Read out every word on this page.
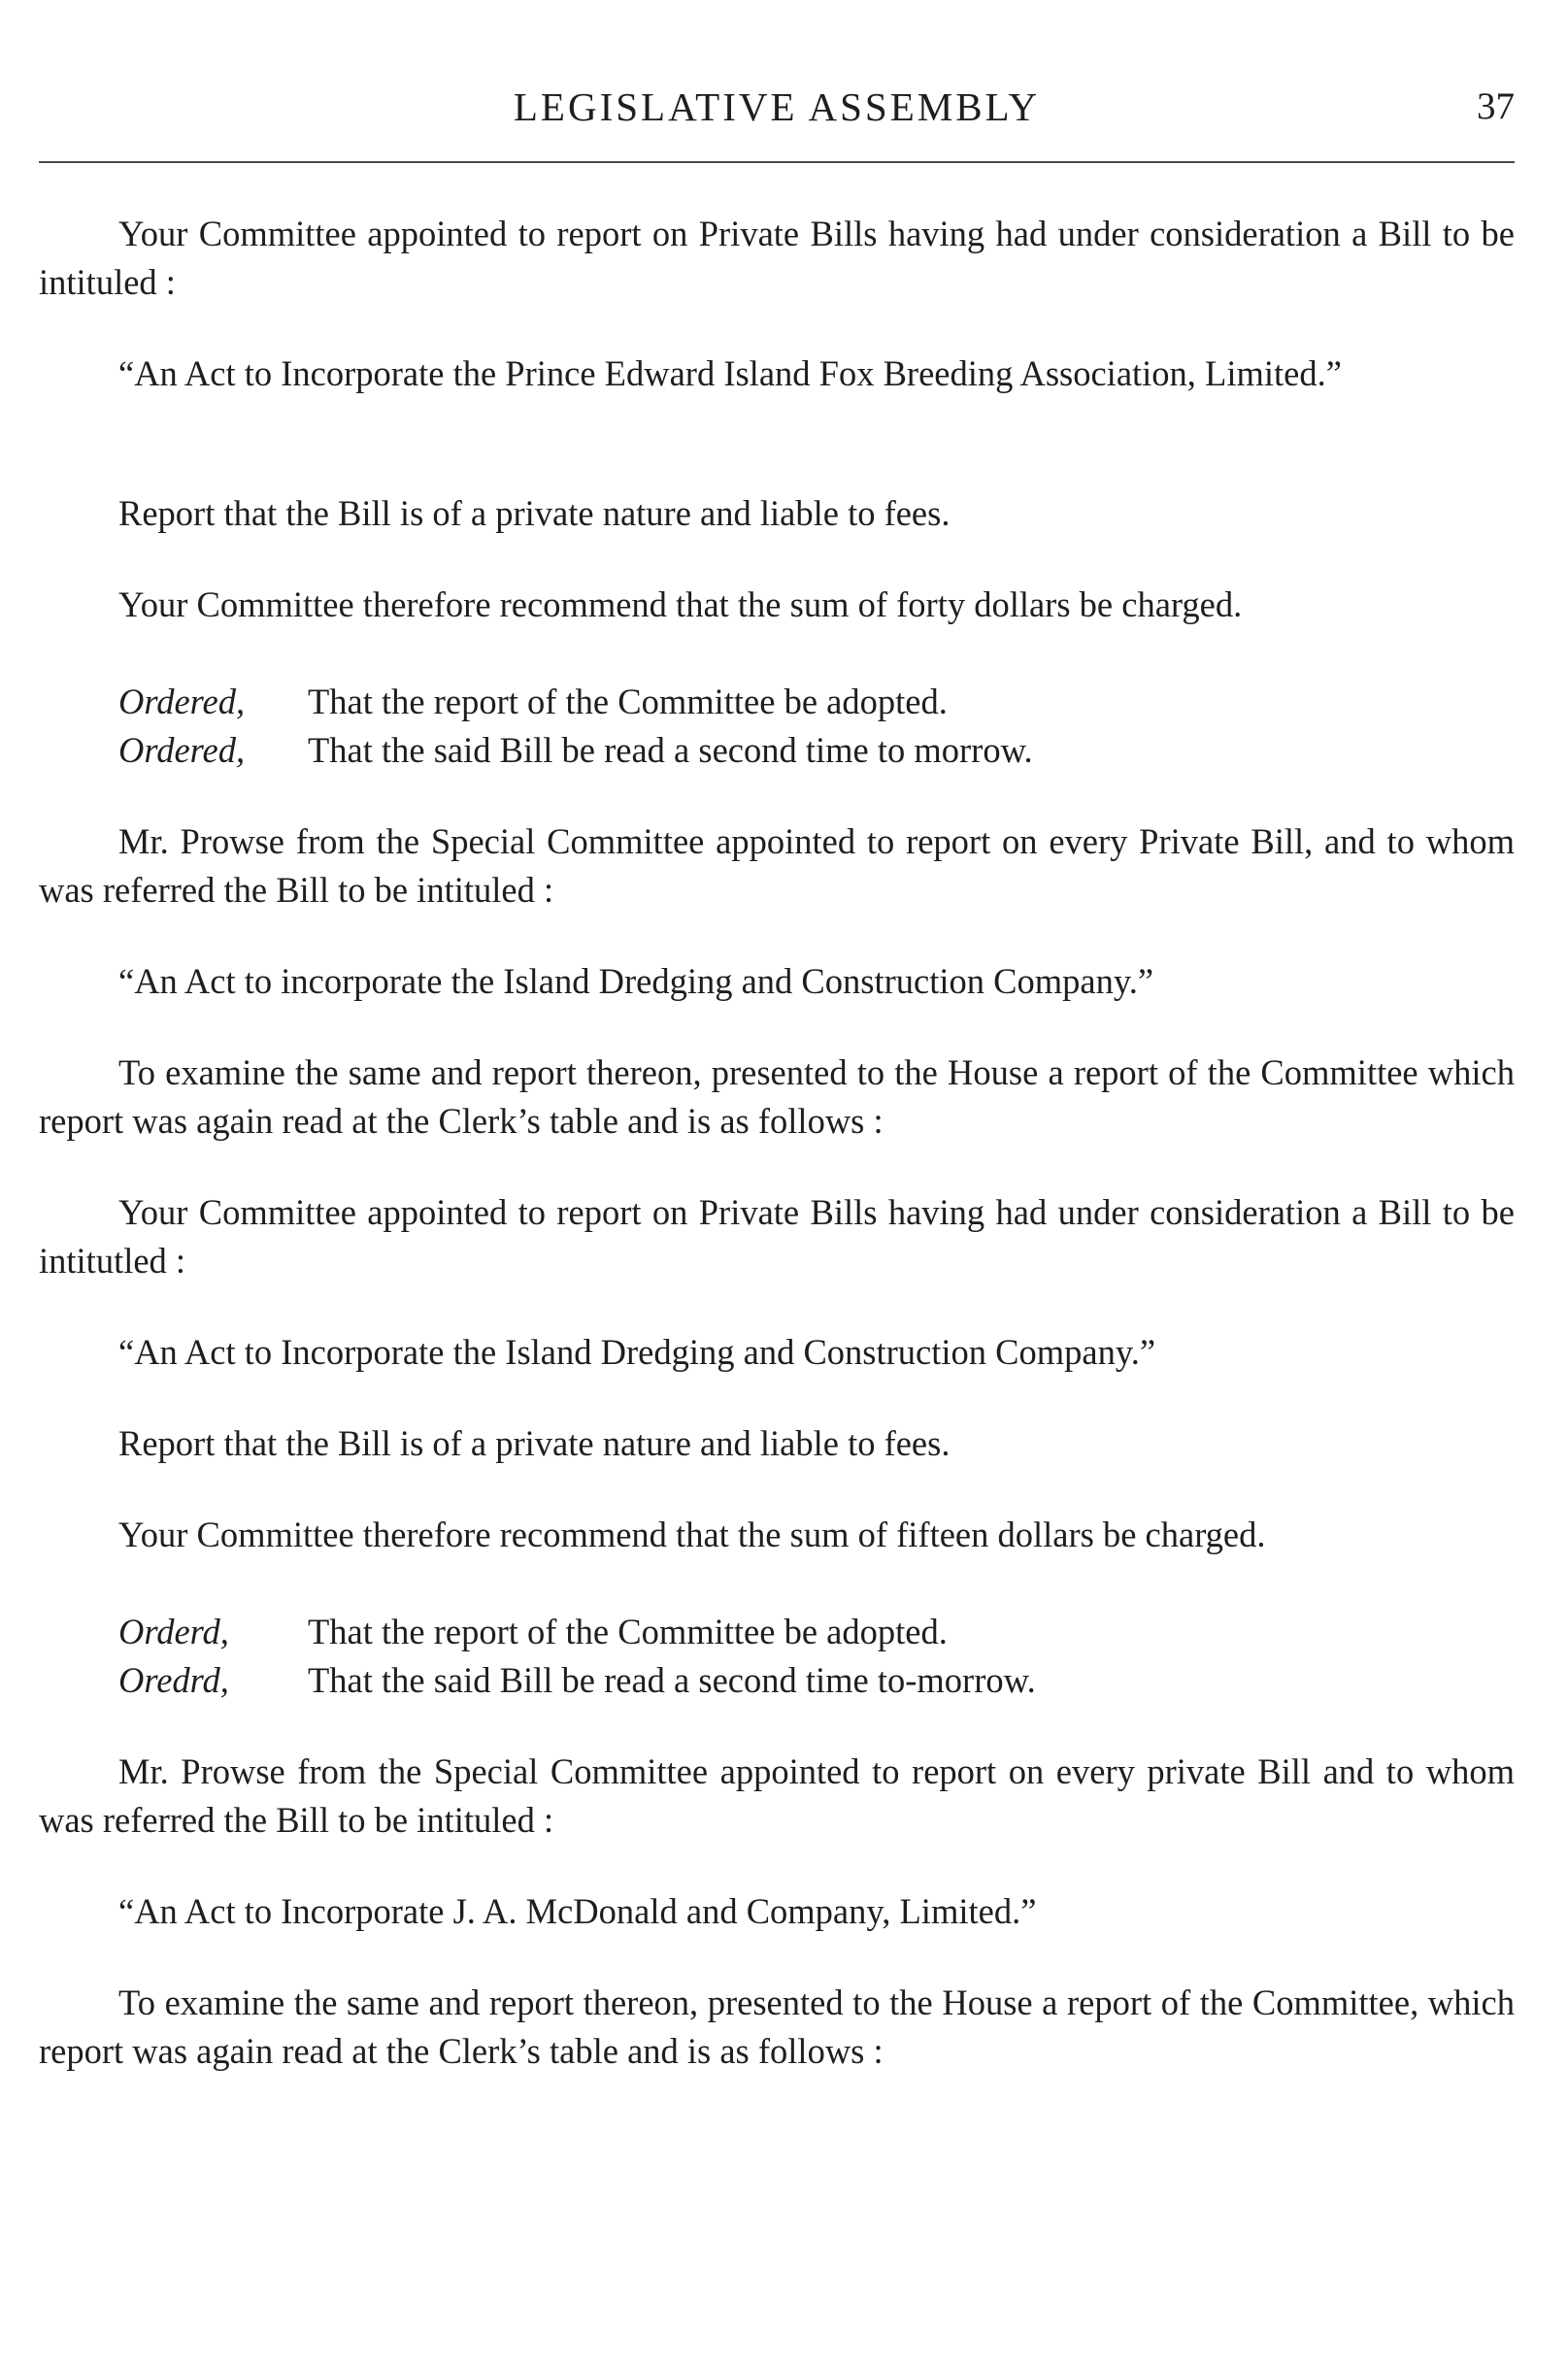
LEGISLATIVE ASSEMBLY	37

Your Committee appointed to report on Private Bills having had under consideration a Bill to be intituled :

“An Act to Incorporate the Prince Edward Island Fox Breeding Association, Limited.”

Report that the Bill is of a private nature and liable to fees.

Your Committee therefore recommend that the sum of forty dollars be charged.

Ordered, That the report of the Committee be adopted.

Ordered, That the said Bill be read a second time to morrow.

Mr. Prowse from the Special Committee appointed to report on every Private Bill, and to whom was referred the Bill to be intituled :

“An Act to incorporate the Island Dredging and Construction Company.”

To examine the same and report thereon, presented to the House a report of the Committee which report was again read at the Clerk’s table and is as follows :

Your Committee appointed to report on Private Bills having had under consideration a Bill to be intitutled :

“An Act to Incorporate the Island Dredging and Construction Company.”

Report that the Bill is of a private nature and liable to fees.

Your Committee therefore recommend that the sum of fifteen dollars be charged.

Orderd, That the report of the Committee be adopted.

Oredrd, That the said Bill be read a second time to-morrow.

Mr. Prowse from the Special Committee appointed to report on every private Bill and to whom was referred the Bill to be intituled :

“An Act to Incorporate J. A. McDonald and Company, Limited.”

To examine the same and report thereon, presented to the House a report of the Committee, which report was again read at the Clerk’s table and is as follows :
